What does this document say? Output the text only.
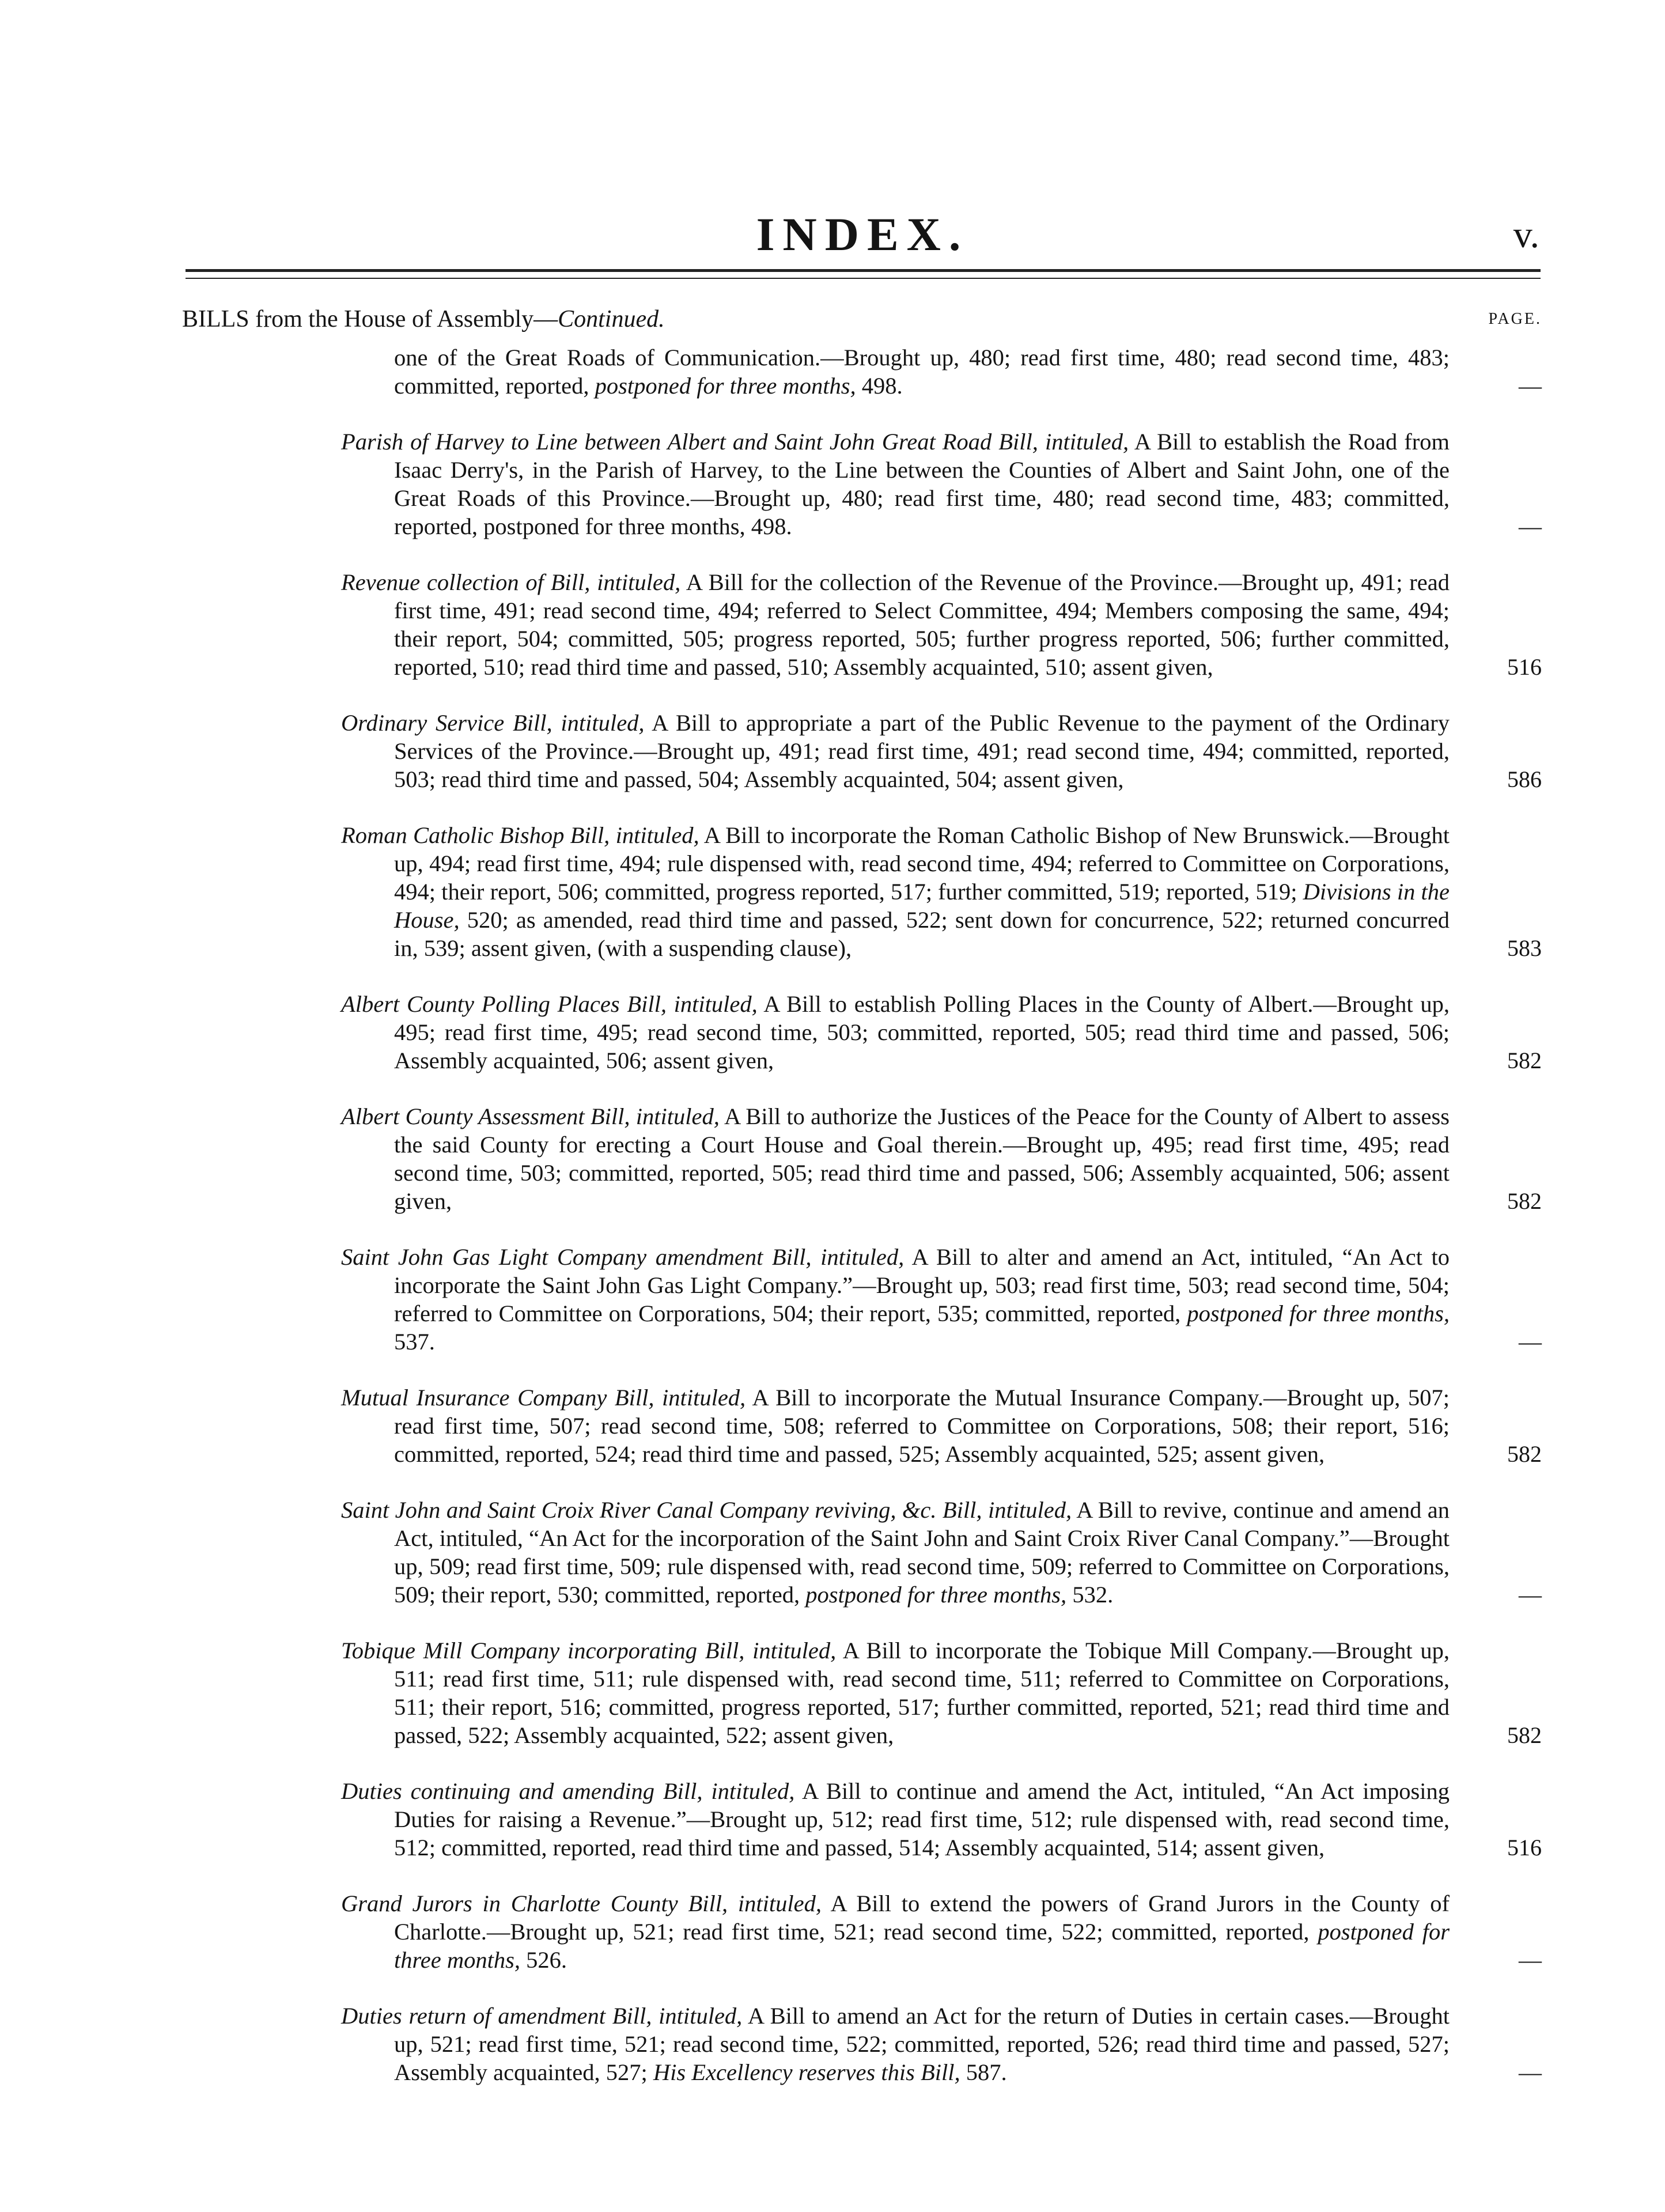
INDEX.	v.
BILLS from the House of Assembly—Continued.	PAGE.
one of the Great Roads of Communication.—Brought up, 480; read first time, 480; read second time, 483; committed, reported, postponed for three months, 498.	—
Parish of Harvey to Line between Albert and Saint John Great Road Bill, intituled, A Bill to establish the Road from Isaac Derry's, in the Parish of Harvey, to the Line between the Counties of Albert and Saint John, one of the Great Roads of this Province.—Brought up, 480; read first time, 480; read second time, 483; committed, reported, postponed for three months, 498.	—
Revenue collection of Bill, intituled, A Bill for the collection of the Revenue of the Province.—Brought up, 491; read first time, 491; read second time, 494; referred to Select Committee, 494; Members composing the same, 494; their report, 504; committed, 505; progress reported, 505; further progress reported, 506; further committed, reported, 510; read third time and passed, 510; Assembly acquainted, 510; assent given,	516
Ordinary Service Bill, intituled, A Bill to appropriate a part of the Public Revenue to the payment of the Ordinary Services of the Province.—Brought up, 491; read first time, 491; read second time, 494; committed, reported, 503; read third time and passed, 504; Assembly acquainted, 504; assent given,	586
Roman Catholic Bishop Bill, intituled, A Bill to incorporate the Roman Catholic Bishop of New Brunswick.—Brought up, 494; read first time, 494; rule dispensed with, read second time, 494; referred to Committee on Corporations, 494; their report, 506; committed, progress reported, 517; further committed, 519; reported, 519; Divisions in the House, 520; as amended, read third time and passed, 522; sent down for concurrence, 522; returned concurred in, 539; assent given, (with a suspending clause),	583
Albert County Polling Places Bill, intituled, A Bill to establish Polling Places in the County of Albert.—Brought up, 495; read first time, 495; read second time, 503; committed, reported, 505; read third time and passed, 506; Assembly acquainted, 506; assent given,	582
Albert County Assessment Bill, intituled, A Bill to authorize the Justices of the Peace for the County of Albert to assess the said County for erecting a Court House and Goal therein.—Brought up, 495; read first time, 495; read second time, 503; committed, reported, 505; read third time and passed, 506; Assembly acquainted, 506; assent given,	582
Saint John Gas Light Company amendment Bill, intituled, A Bill to alter and amend an Act, intituled, “An Act to incorporate the Saint John Gas Light Company.”—Brought up, 503; read first time, 503; read second time, 504; referred to Committee on Corporations, 504; their report, 535; committed, reported, postponed for three months, 537.	—
Mutual Insurance Company Bill, intituled, A Bill to incorporate the Mutual Insurance Company.—Brought up, 507; read first time, 507; read second time, 508; referred to Committee on Corporations, 508; their report, 516; committed, reported, 524; read third time and passed, 525; Assembly acquainted, 525; assent given,	582
Saint John and Saint Croix River Canal Company reviving, &c. Bill, intituled, A Bill to revive, continue and amend an Act, intituled, “An Act for the incorporation of the Saint John and Saint Croix River Canal Company.”—Brought up, 509; read first time, 509; rule dispensed with, read second time, 509; referred to Committee on Corporations, 509; their report, 530; committed, reported, postponed for three months, 532.	—
Tobique Mill Company incorporating Bill, intituled, A Bill to incorporate the Tobique Mill Company.—Brought up, 511; read first time, 511; rule dispensed with, read second time, 511; referred to Committee on Corporations, 511; their report, 516; committed, progress reported, 517; further committed, reported, 521; read third time and passed, 522; Assembly acquainted, 522; assent given,	582
Duties continuing and amending Bill, intituled, A Bill to continue and amend the Act, intituled, “An Act imposing Duties for raising a Revenue.”—Brought up, 512; read first time, 512; rule dispensed with, read second time, 512; committed, reported, read third time and passed, 514; Assembly acquainted, 514; assent given,	516
Grand Jurors in Charlotte County Bill, intituled, A Bill to extend the powers of Grand Jurors in the County of Charlotte.—Brought up, 521; read first time, 521; read second time, 522; committed, reported, postponed for three months, 526.	—
Duties return of amendment Bill, intituled, A Bill to amend an Act for the return of Duties in certain cases.—Brought up, 521; read first time, 521; read second time, 522; committed, reported, 526; read third time and passed, 527; Assembly acquainted, 527; His Excellency reserves this Bill, 587.	—
